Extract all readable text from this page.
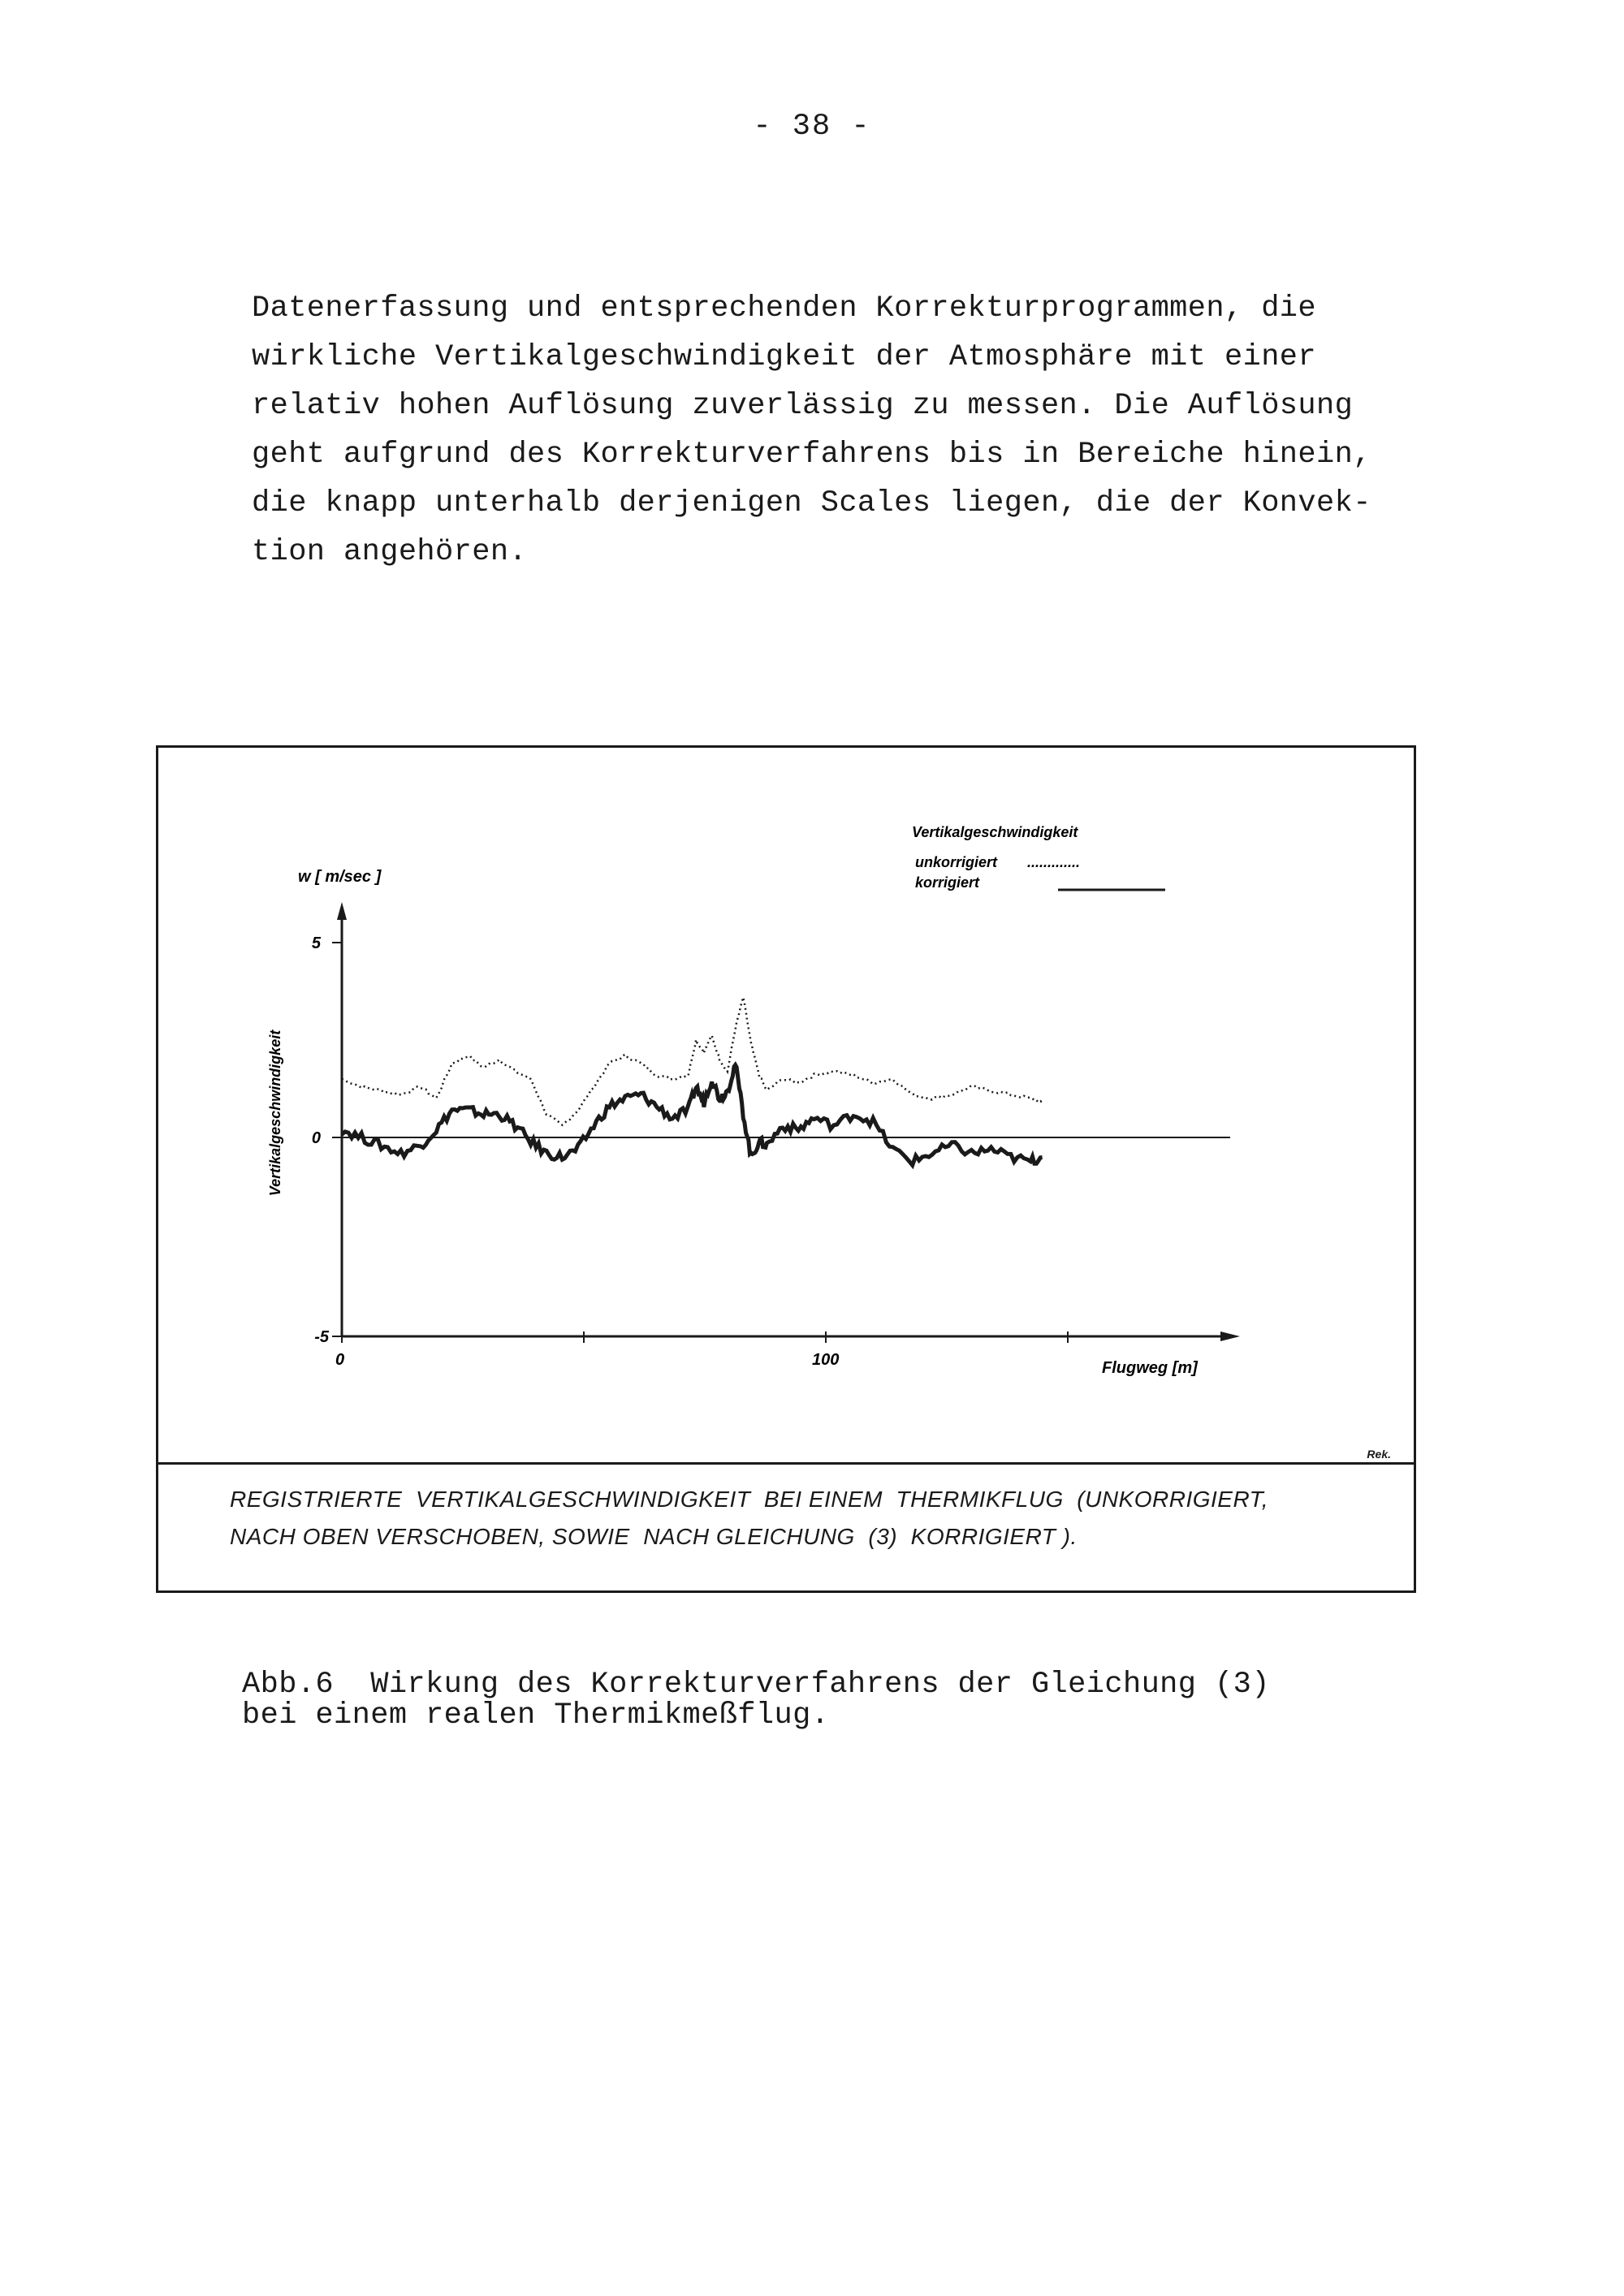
- 38 -
Datenerfassung und entsprechenden Korrekturprogrammen, die
wirkliche Vertikalgeschwindigkeit der Atmosphäre mit einer
relativ hohen Auflösung zuverlässig zu messen. Die Auflösung
geht aufgrund des Korrekturverfahrens bis in Bereiche hinein,
die knapp unterhalb derjenigen Scales liegen, die der Konvek-
tion angehören.
Vertikalgeschwindigkeit
unkorrigiert .............
korrigiert
w [ m/sec ]
Vertikalgeschwindigkeit
5
0
-5
0	100	Flugweg [m]
Rek.
REGISTRIERTE  VERTIKALGESCHWINDIGKEIT  BEI EINEM  THERMIKFLUG  (UNKORRIGIERT,
NACH OBEN VERSCHOBEN, SOWIE  NACH GLEICHUNG  (3)  KORRIGIERT ).
Abb.6  Wirkung des Korrekturverfahrens der Gleichung (3)
bei einem realen Thermikmeßflug.
